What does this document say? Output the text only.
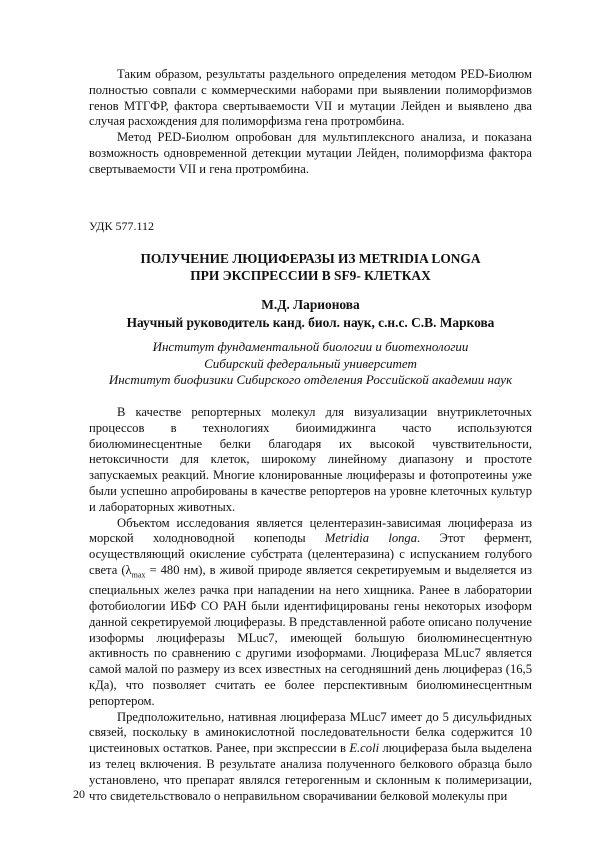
Таким образом, результаты раздельного определения методом PED-Биолюм полностью совпали с коммерческими наборами при выявлении полиморфизмов генов МТГФР, фактора свертываемости VII и мутации Лейден и выявлено два случая расхождения для полиморфизма гена протромбина.

Метод PED-Биолюм опробован для мультиплексного анализа, и показана возможность одновременной детекции мутации Лейден, полиморфизма фактора свертываемости VII и гена протромбина.

УДК 577.112

ПОЛУЧЕНИЕ ЛЮЦИФЕРАЗЫ ИЗ METRIDIA LONGA
ПРИ ЭКСПРЕССИИ В SF9- КЛЕТКАХ
М.Д. Ларионова
Научный руководитель канд. биол. наук, с.н.с. С.В. Маркова
Институт фундаментальной биологии и биотехнологии
Сибирский федеральный университет
Институт биофизики Сибирского отделения Российской академии наук

В качестве репортерных молекул для визуализации внутриклеточных процессов в технологиях биоимиджинга часто используются биолюминесцентные белки благодаря их высокой чувствительности, нетоксичности для клеток, широкому линейному диапазону и простоте запускаемых реакций. Многие клонированные люциферазы и фотопротеины уже были успешно апробированы в качестве репортеров на уровне клеточных культур и лабораторных животных.

Объектом исследования является целентеразин-зависимая люцифераза из морской холодноводной копеподы Metridia longa. Этот фермент, осуществляющий окисление субстрата (целентеразина) с испусканием голубого света ($\lambda_{max} = 480$ нм), в живой природе является секретируемым и выделяется из специальных желез рачка при нападении на него хищника. Ранее в лаборатории фотобиологии ИБФ СО РАН были идентифицированы гены некоторых изоформ данной секретируемой люциферазы. В представленной работе описано получение изоформы люциферазы MLuc7, имеющей большую биолюминесцентную активность по сравнению с другими изоформами. Люцифераза MLuc7 является самой малой по размеру из всех известных на сегодняшний день люцифераз (16,5 кДа), что позволяет считать ее более перспективным биолюминесцентным репортером.

Предположительно, нативная люцифераза MLuc7 имеет до 5 дисульфидных связей, поскольку в аминокислотной последовательности белка содержится 10 цистеиновых остатков. Ранее, при экспрессии в E.coli люцифераза была выделена из телец включения. В результате анализа полученного белкового образца было установлено, что препарат являлся гетерогенным и склонным к полимеризации, что свидетельствовало о неправильном сворачивании белковой молекулы при

20
